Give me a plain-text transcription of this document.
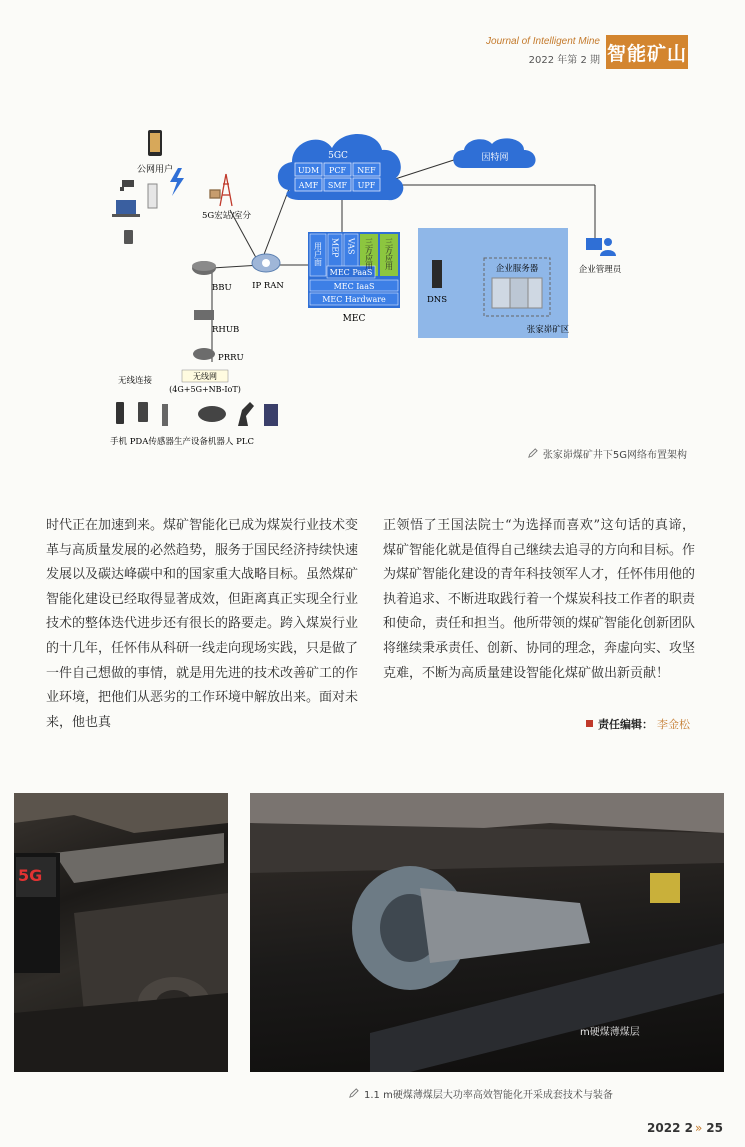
Journal of Intelligent Mine
2022 年第 2 期 智能矿山
公网用户
5G宏站/室分
5GC
UDM PCF NEF
AMF SMF UPF
因特网
IP RAN
BBU
RHUB
PRRU
用户面 MEP VAS 三方应用 三方应用
MEC PaaS
MEC IaaS
MEC Hardware
MEC
DNS
企业服务器
张家峁矿区
企业管理员
无线连接	无线网
(4G+5G+NB-IoT)
手机 PDA传感器生产设备机器人 PLC
张家峁煤矿井下5G网络布置架构
时代正在加速到来。煤矿智能化已成为煤炭行业技术变革与高质量发展的必然趋势，服务于国民经济持续快速发展以及碳达峰碳中和的国家重大战略目标。虽然煤矿智能化建设已经取得显著成效，但距离真正实现全行业技术的整体迭代进步还有很长的路要走。跨入煤炭行业的十几年，任怀伟从科研一线走向现场实践，只是做了一件自己想做的事情，就是用先进的技术改善矿工的作业环境，把他们从恶劣的工作环境中解放出来。面对未来，他也真
正领悟了王国法院士“为选择而喜欢”这句话的真谛，煤矿智能化就是值得自己继续去追寻的方向和目标。作为煤矿智能化建设的青年科技领军人才，任怀伟用他的执着追求、不断进取践行着一个煤炭科技工作者的职责和使命，责任和担当。他所带领的煤矿智能化创新团队将继续秉承责任、创新、协同的理念，奔虚向实、攻坚克难，不断为高质量建设智能化煤矿做出新贡献！
责任编辑： 李金松
5G
m硬煤薄煤层
1.1 m硬煤薄煤层大功率高效智能化开采成套技术与装备
2022 2 » 25
